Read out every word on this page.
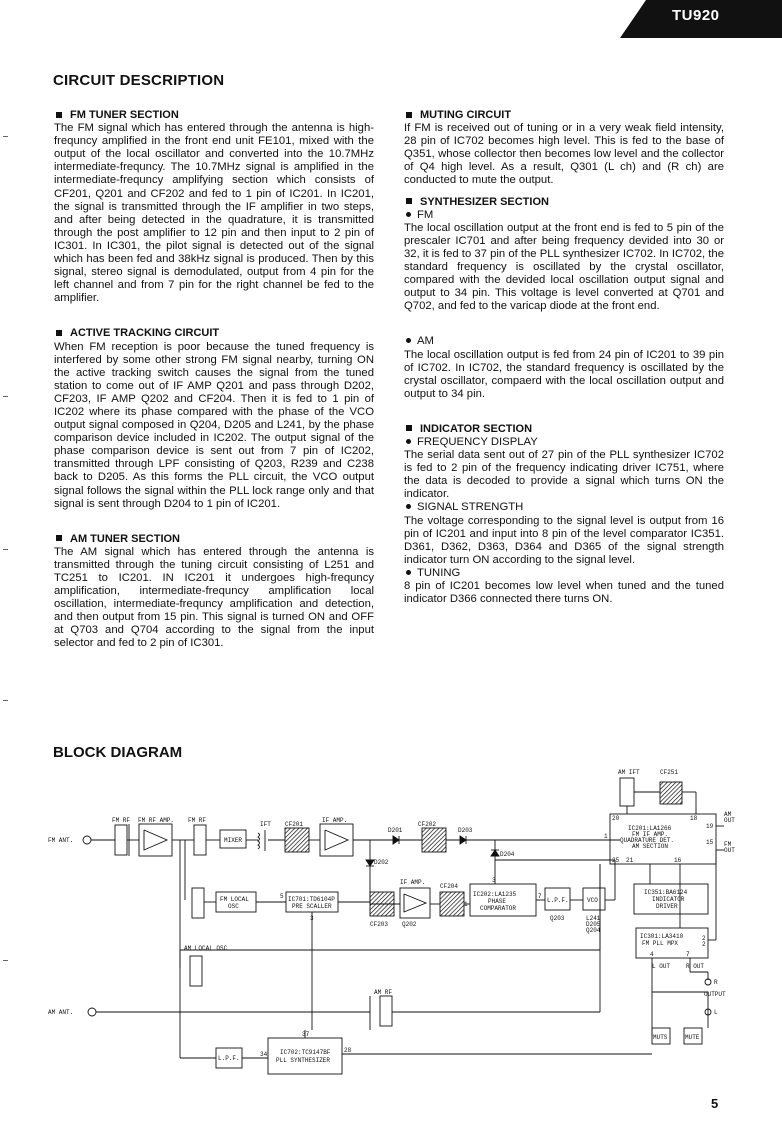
TU920
CIRCUIT DESCRIPTION

FM TUNER SECTION

The FM signal which has entered through the antenna is high-frequncy amplified in the front end unit FE101, mixed with the output of the local oscillator and converted into the 10.7MHz intermediate-frequncy. The 10.7MHz signal is amplified in the intermediate-frequncy amplifying section which consists of CF201, Q201 and CF202 and fed to 1 pin of IC201. In IC201, the signal is transmitted through the IF amplifier in two steps, and after being detected in the quadrature, it is transmitted through the post amplifier to 12 pin and then input to 2 pin of IC301. In IC301, the pilot signal is detected out of the signal which has been fed and 38kHz signal is produced. Then by this signal, stereo signal is demodulated, output from 4 pin for the left channel and from 7 pin for the right channel be fed to the amplifier.

ACTIVE TRACKING CIRCUIT

When FM reception is poor because the tuned frequency is interfered by some other strong FM signal nearby, turning ON the active tracking switch causes the signal from the tuned station to come out of IF AMP Q201 and pass through D202, CF203, IF AMP Q202 and CF204. Then it is fed to 1 pin of IC202 where its phase compared with the phase of the VCO output signal composed in Q204, D205 and L241, by the phase comparison device included in IC202. The output signal of the phase comparison device is sent out from 7 pin of IC202, transmitted through LPF consisting of Q203, R239 and C238 back to D205. As this forms the PLL circuit, the VCO output signal follows the signal within the PLL lock range only and that signal is sent through D204 to 1 pin of IC201.

AM TUNER SECTION

The AM signal which has entered through the antenna is transmitted through the tuning circuit consisting of L251 and TC251 to IC201. IN IC201 it undergoes high-frequncy amplification, intermediate-frequncy amplification local oscillation, intermediate-frequncy amplification and detection, and then output from 15 pin. This signal is turned ON and OFF at Q703 and Q704 according to the signal from the input selector and fed to 2 pin of IC301.

MUTING CIRCUIT

If FM is received out of tuning or in a very weak field intensity, 28 pin of IC702 becomes high level. This is fed to the base of Q351, whose collector then becomes low level and the collector of Q4 high level. As a result, Q301 (L ch) and (R ch) are conducted to mute the output.

SYNTHESIZER SECTION

FM

The local oscillation output at the front end is fed to 5 pin of the prescaler IC701 and after being frequency devided into 30 or 32, it is fed to 37 pin of the PLL synthesizer IC702. In IC702, the standard frequency is oscillated by the crystal oscillator, compared with the devided local oscillation output signal and output to 34 pin. This voltage is level converted at Q701 and Q702, and fed to the varicap diode at the front end.

AM

The local oscillation output is fed from 24 pin of IC201 to 39 pin of IC702. In IC702, the standard frequency is oscillated by the crystal oscillator, compaerd with the local oscillation output and output to 34 pin.

INDICATOR SECTION

FREQUENCY DISPLAY

The serial data sent out of 27 pin of the PLL synthesizer IC702 is fed to 2 pin of the frequency indicating driver IC751, where the data is decoded to provide a signal which turns ON the indicator.

SIGNAL STRENGTH

The voltage corresponding to the signal level is output from 16 pin of IC201 and input into 8 pin of the level comparator IC351. D361, D362, D363, D364 and D365 of the signal strength indicator turn ON according to the signal level.

TUNING

8 pin of IC201 becomes low level when tuned and the tuned indicator D366 connected there turns ON.

BLOCK DIAGRAM
FM ANT.
AM ANT.
FM RF FM RF AMP. FM RF
MIXER
IFT CF201
IF AMP.
D201
CF202
D203
D202
D204
FM LOCAL
OSC
IC701:TD6104P
PRE SCALLER
IF AMP.
CF204
CF203 Q202
IC202:LA1235
PHASE
COMPARATOR
L.P.F.	VCO
Q203	L241
D205
Q204
AM IFT	CF251
IC201:LA1266
FM IF AMP.
QUADRATURE DET.
AM SECTION
AM
OUT
FM
OUT
IC351:BA6124
INDICATOR
DRIVER
IC301:LA3410
FM PLL MPX
L OUT	R OUT
OUTPUT
R
L
AM LOCAL OSC
AM RF
MUTS	MUTE
L.P.F.
IC702:TC9147BF
PLL SYNTHESIZER
20	18
19
15
1
25 21	16
4	7
2
3
5	7
37
34
28
3
1
2
5
